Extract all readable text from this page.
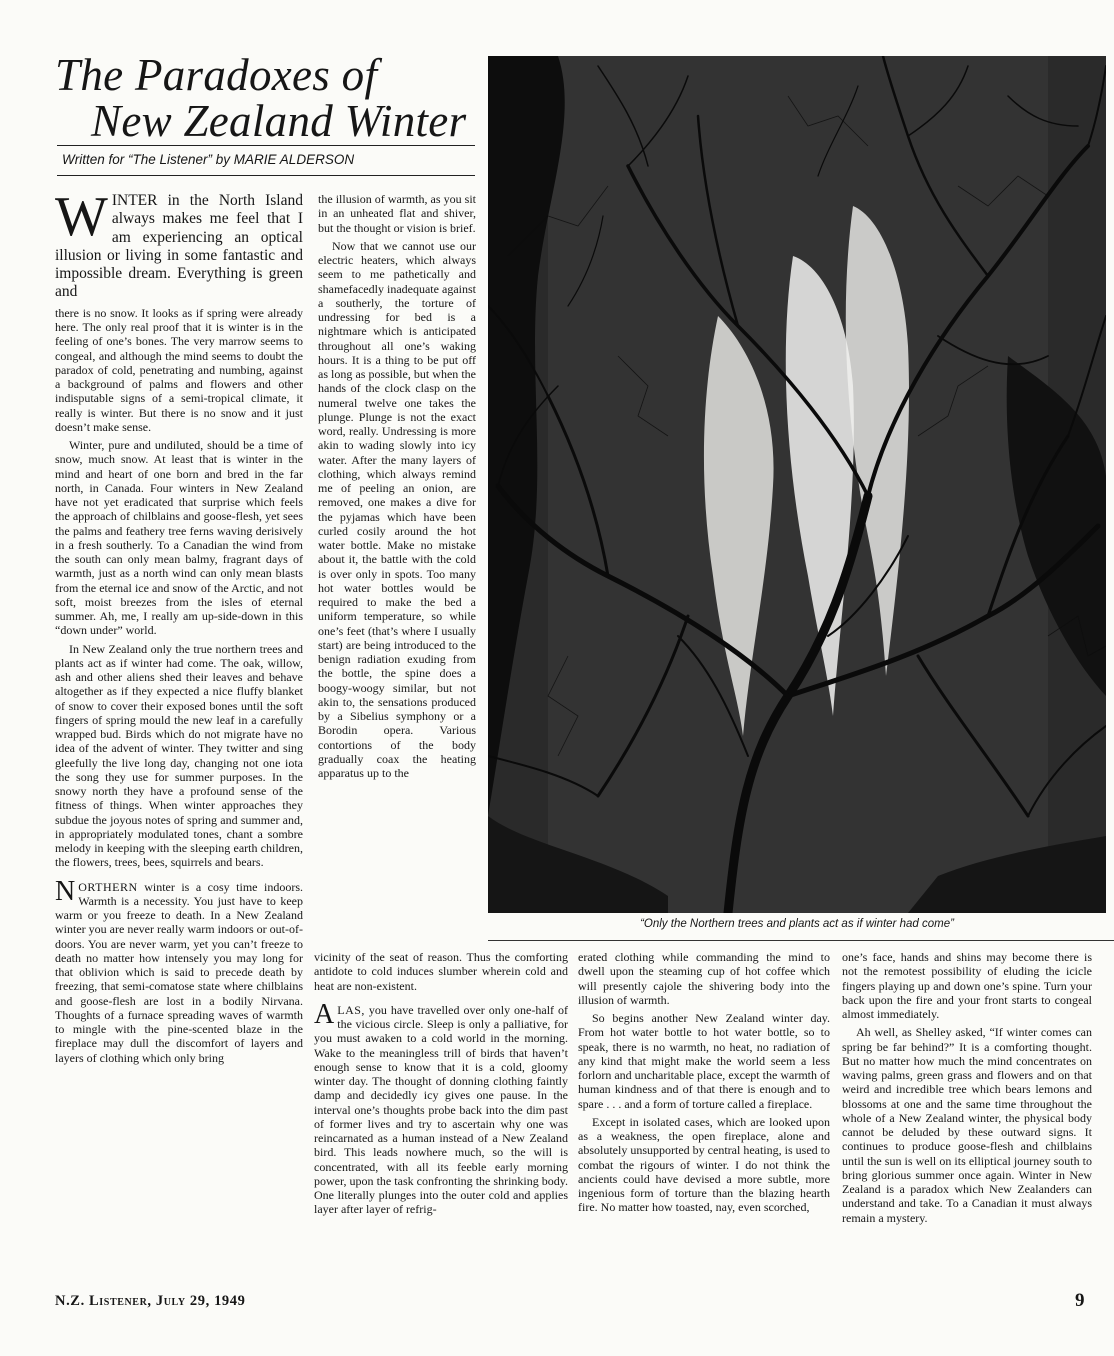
The Paradoxes of
New Zealand Winter
Written for “The Listener” by MARIE ALDERSON

WINTER in the North Island always makes me feel that I am experiencing an optical illusion or living in some fantastic and impossible dream. Everything is green and

there is no snow. It looks as if spring were already here. The only real proof that it is winter is in the feeling of one’s bones. The very marrow seems to congeal, and although the mind seems to doubt the paradox of cold, penetrating and numbing, against a background of palms and flowers and other indisputable signs of a semi-tropical climate, it really is winter. But there is no snow and it just doesn’t make sense.

Winter, pure and undiluted, should be a time of snow, much snow. At least that is winter in the mind and heart of one born and bred in the far north, in Canada. Four winters in New Zealand have not yet eradicated that surprise which feels the approach of chilblains and goose-flesh, yet sees the palms and feathery tree ferns waving derisively in a fresh southerly. To a Canadian the wind from the south can only mean balmy, fragrant days of warmth, just as a north wind can only mean blasts from the eternal ice and snow of the Arctic, and not soft, moist breezes from the isles of eternal summer. Ah, me, I really am up-side-down in this “down under” world.

In New Zealand only the true northern trees and plants act as if winter had come. The oak, willow, ash and other aliens shed their leaves and behave altogether as if they expected a nice fluffy blanket of snow to cover their exposed bones until the soft fingers of spring mould the new leaf in a carefully wrapped bud. Birds which do not migrate have no idea of the advent of winter. They twitter and sing gleefully the live long day, changing not one iota the song they use for summer purposes. In the snowy north they have a profound sense of the fitness of things. When winter approaches they subdue the joyous notes of spring and summer and, in appropriately modulated tones, chant a sombre melody in keeping with the sleeping earth children, the flowers, trees, bees, squirrels and bears.

NORTHERN winter is a cosy time indoors. Warmth is a necessity. You just have to keep warm or you freeze to death. In a New Zealand winter you are never really warm indoors or out-of-doors. You are never warm, yet you can’t freeze to death no matter how intensely you may long for that oblivion which is said to precede death by freezing, that semi-comatose state where chilblains and goose-flesh are lost in a bodily Nirvana. Thoughts of a furnace spreading waves of warmth to mingle with the pine-scented blaze in the fireplace may dull the discomfort of layers and layers of clothing which only bring

the illusion of warmth, as you sit in an unheated flat and shiver, but the thought or vision is brief.

Now that we cannot use our electric heaters, which always seem to me pathetically and shamefacedly inadequate against a southerly, the torture of undressing for bed is a nightmare which is anticipated throughout all one’s waking hours. It is a thing to be put off as long as possible, but when the hands of the clock clasp on the numeral twelve one takes the plunge. Plunge is not the exact word, really. Undressing is more akin to wading slowly into icy water. After the many layers of clothing, which always remind me of peeling an onion, are removed, one makes a dive for the pyjamas which have been curled cosily around the hot water bottle. Make no mistake about it, the battle with the cold is over only in spots. Too many hot water bottles would be required to make the bed a uniform temperature, so while one’s feet (that’s where I usually start) are being introduced to the benign radiation exuding from the bottle, the spine does a boogy-woogy similar, but not akin to, the sensations produced by a Sibelius symphony or a Borodin opera. Various contortions of the body gradually coax the heating apparatus up to the

vicinity of the seat of reason. Thus the comforting antidote to cold induces slumber wherein cold and heat are non-existent.

ALAS, you have travelled over only one-half of the vicious circle. Sleep is only a palliative, for you must awaken to a cold world in the morning. Wake to the meaningless trill of birds that haven’t enough sense to know that it is a cold, gloomy winter day. The thought of donning clothing faintly damp and decidedly icy gives one pause. In the interval one’s thoughts probe back into the dim past of former lives and try to ascertain why one was reincarnated as a human instead of a New Zealand bird. This leads nowhere much, so the will is concentrated, with all its feeble early morning power, upon the task confronting the shrinking body. One literally plunges into the outer cold and applies layer after layer of refrig-

“Only the Northern trees and plants act as if winter had come”

erated clothing while commanding the mind to dwell upon the steaming cup of hot coffee which will presently cajole the shivering body into the illusion of warmth.

So begins another New Zealand winter day. From hot water bottle to hot water bottle, so to speak, there is no warmth, no heat, no radiation of any kind that might make the world seem a less forlorn and uncharitable place, except the warmth of human kindness and of that there is enough and to spare . . . and a form of torture called a fireplace.

Except in isolated cases, which are looked upon as a weakness, the open fireplace, alone and absolutely unsupported by central heating, is used to combat the rigours of winter. I do not think the ancients could have devised a more subtle, more ingenious form of torture than the blazing hearth fire. No matter how toasted, nay, even scorched,

one’s face, hands and shins may become there is not the remotest possibility of eluding the icicle fingers playing up and down one’s spine. Turn your back upon the fire and your front starts to congeal almost immediately.

Ah well, as Shelley asked, “If winter comes can spring be far behind?” It is a comforting thought. But no matter how much the mind concentrates on waving palms, green grass and flowers and on that weird and incredible tree which bears lemons and blossoms at one and the same time throughout the whole of a New Zealand winter, the physical body cannot be deluded by these outward signs. It continues to produce goose-flesh and chilblains until the sun is well on its elliptical journey south to bring glorious summer once again. Winter in New Zealand is a paradox which New Zealanders can understand and take. To a Canadian it must always remain a mystery.

N.Z. Listener, July 29, 1949	9
